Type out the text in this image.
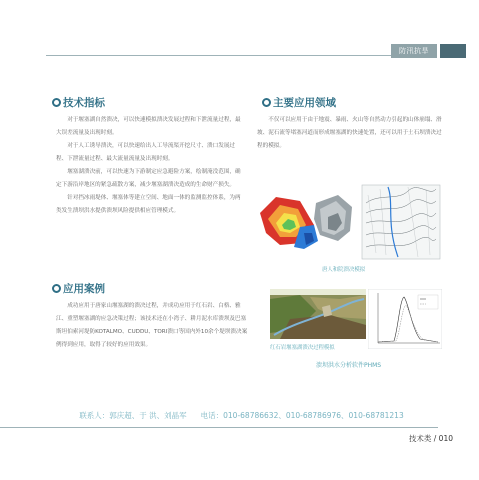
防汛抗旱
技术指标

对于堰塞湖自然溃决，可以快速模拟溃决发展过程和下泄流量过程，最大误差流量及出现时刻。

对于人工诱导溃决，可以快速给出人工导流渠开挖尺寸、溃口发展过程、下泄流量过程、最大流量流量及出现时刻。

堰塞湖溃决前，可以快速为下游制定应急避险方案，绘制淹没范围，确定下游沿岸地区的紧急疏散方案，减少堰塞湖溃决造成的生命财产损失。

针对挡冰雨堤体、堰塞体等建立空间、地面一体的监测监控体系，为两类发生溃坝洪水提供溃坝风险提供相应管理模式。

主要应用领域

不仅可以应用于由于地震、暴雨、火山等自然动力引起的山体崩塌、滑坡、泥石流等堵塞河道而形成堰塞湖的快速处置，还可以用于土石坝溃决过程的模拟。

唐人和院溃决模拟
应用案例

成功应用于唐家山堰塞湖的溃决过程，并成功应用于红石岩、白格、雅江、重塑堰塞湖的应急决策过程；该技术还在小湾子、耕月泥水库溃坝及巴塞斯坦伯索河堤防KOTALMO、CUDDU、TORI溃口等国内外10余个堤坝溃决案例得到应用，取得了较好的应用效果。	红石岩堰塞湖溃决过程模拟
溃坝洪水分析软件PHMS
联系人：郭庆超、于 洪、刘晶军 电话：010-68786632、010-68786976、010-68781213
技术类 / 010
